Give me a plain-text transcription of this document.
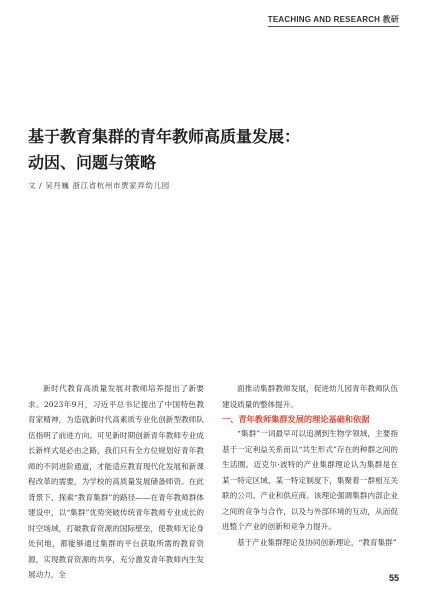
TEACHING AND RESEARCH 教研
基于教育集群的青年教师高质量发展：
动因、问题与策略
文 / 吴丹巍 浙江省杭州市贾家弄幼儿园

新时代教育高质量发展对教师培养提出了新要求。2023年9月，习近平总书记提出了中国特色教育家精神，为造就新时代高素质专业化创新型教师队伍指明了前进方向。可见新时期创新青年教师专业成长新样式是必由之路，我们只有全方位规划好青年教师的不同进阶通道，才能适应教育现代化发展和新课程改革的需要，为学校的高质量发展储备师资。在此背景下，探索“教育集群”的路径——在青年教师群体建设中，以“集群”优势突破传统青年教师专业成长的时空场域，打破教育资源的国际壁垒，使教师无论身处何地，都能够通过集群的平台获取所需的教育资源，实现教育资源的共享，充分激发青年教师内生发展动力，全

面推动集群教师发展，促进幼儿园青年教师队伍建设质量的整体提升。

一、青年教师集群发展的理论基础和依据

“集群”一词最早可以追溯到生物学领域，主要指基于一定利益关系而以“共生形式”存在的种群之间的生活圈。迈克尔·波特的产业集群理论认为集群是在某一特定区域、某一特定制度下，集聚着一群相互关联的公司、产业和供应商。该理论强调集群内部企业之间的竞争与合作，以及与外部环境的互动，从而促进整个产业的创新和竞争力提升。

基于产业集群理论及协同创新理论，“教育集群”

55
